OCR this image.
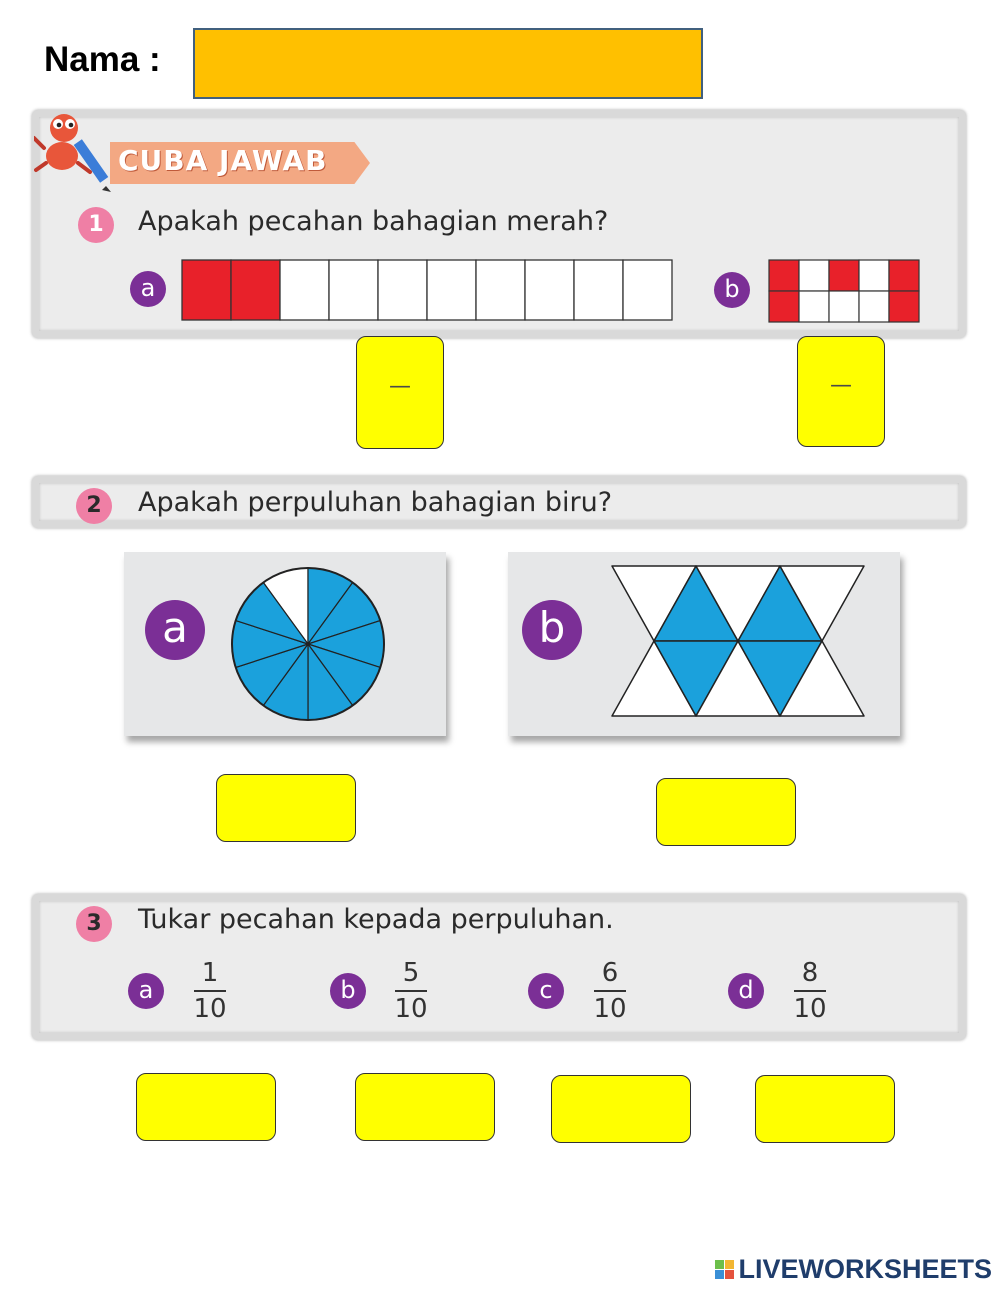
Nama :
CUBA JAWAB
1	Apakah pecahan bahagian merah?
a	b
—	—
2	Apakah perpuluhan bahagian biru?
a	b
3	Tukar pecahan kepada perpuluhan.
a
1
10
b
5
10
c
6
10
d
8
10
LIVEWORKSHEETS
